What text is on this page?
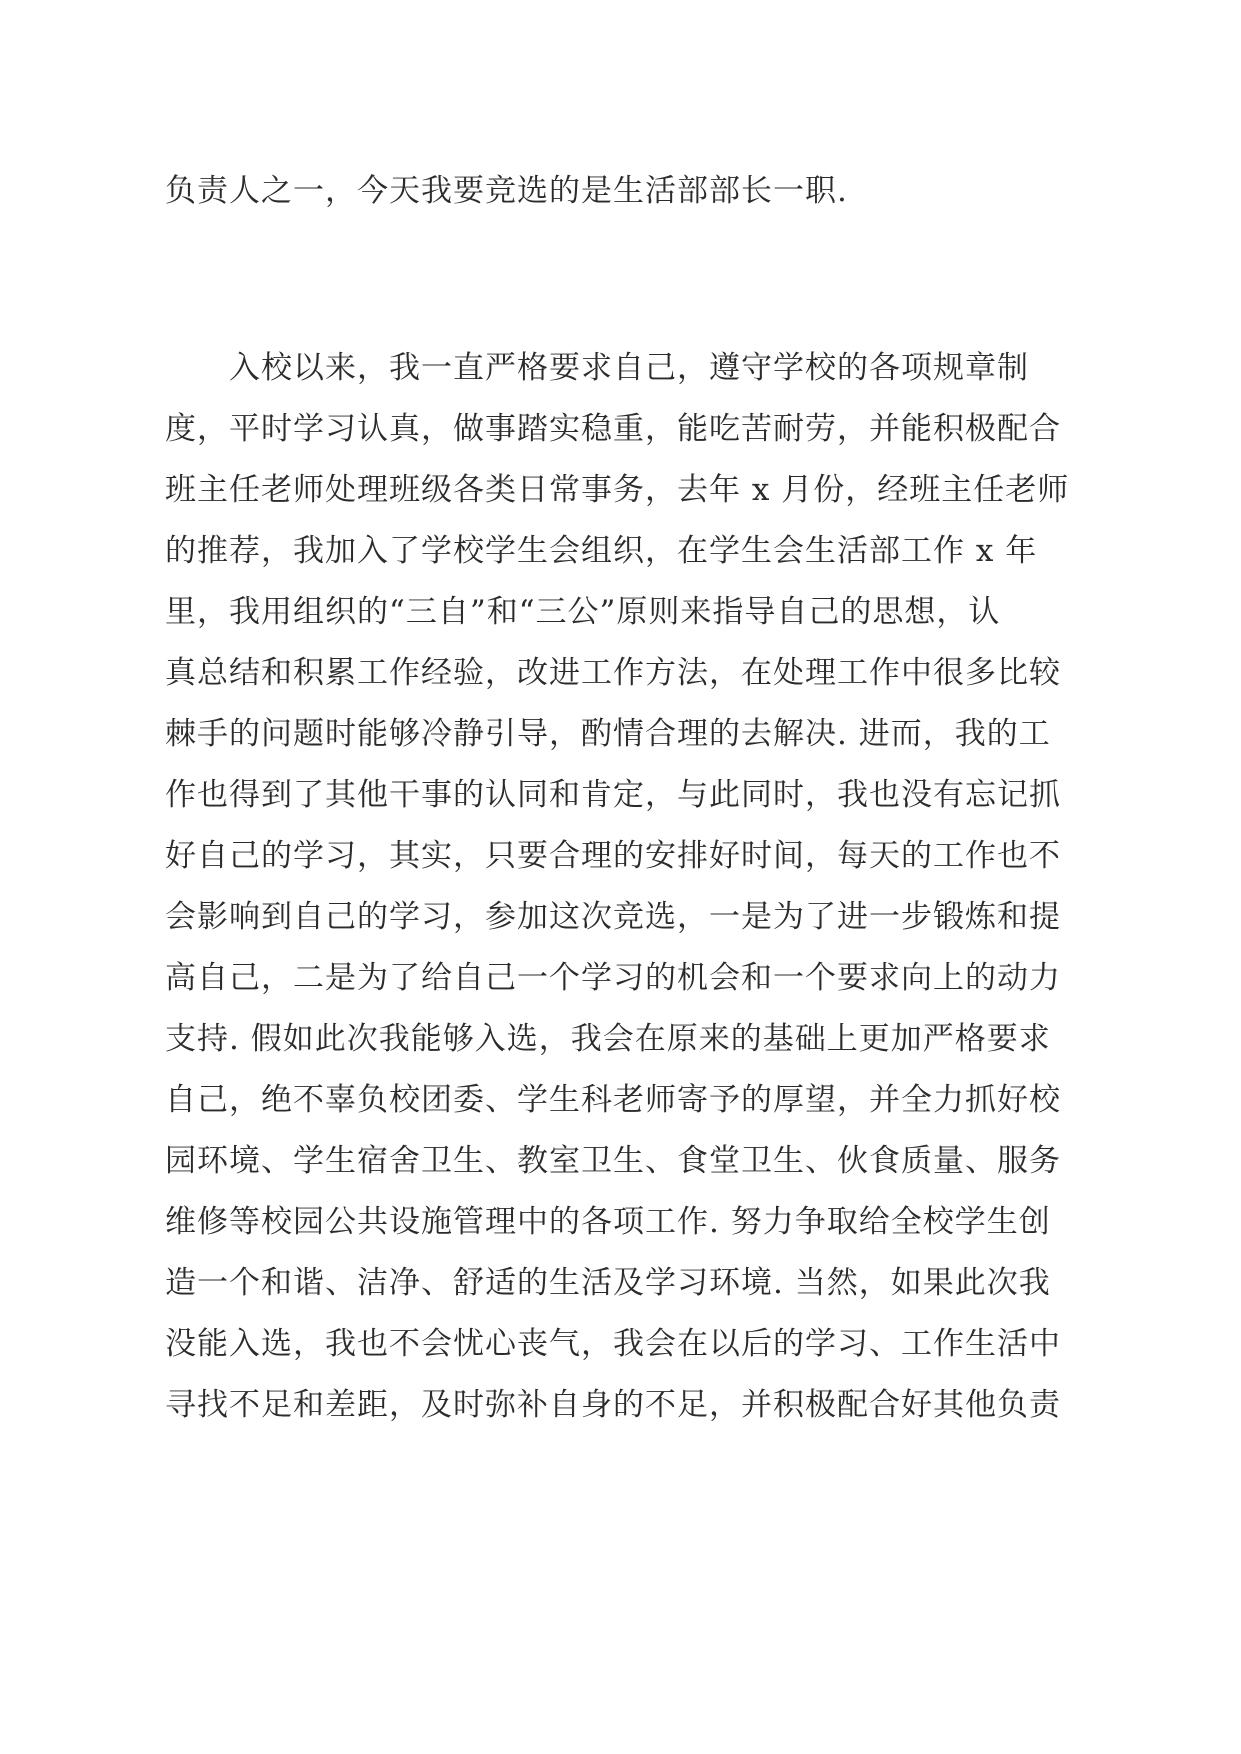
负责人之一，今天我要竞选的是生活部部长一职.
入校以来，我一直严格要求自己，遵守学校的各项规章制
度，平时学习认真，做事踏实稳重，能吃苦耐劳，并能积极配合
班主任老师处理班级各类日常事务，去年 x 月份，经班主任老师
的推荐，我加入了学校学生会组织，在学生会生活部工作 x 年
里，我用组织的“三自”和“三公”原则来指导自己的思想，认
真总结和积累工作经验，改进工作方法，在处理工作中很多比较
棘手的问题时能够冷静引导，酌情合理的去解决. 进而，我的工
作也得到了其他干事的认同和肯定，与此同时，我也没有忘记抓
好自己的学习，其实，只要合理的安排好时间，每天的工作也不
会影响到自己的学习，参加这次竞选，一是为了进一步锻炼和提
高自己，二是为了给自己一个学习的机会和一个要求向上的动力
支持. 假如此次我能够入选，我会在原来的基础上更加严格要求
自己，绝不辜负校团委、学生科老师寄予的厚望，并全力抓好校
园环境、学生宿舍卫生、教室卫生、食堂卫生、伙食质量、服务
维修等校园公共设施管理中的各项工作. 努力争取给全校学生创
造一个和谐、洁净、舒适的生活及学习环境. 当然，如果此次我
没能入选，我也不会忧心丧气，我会在以后的学习、工作生活中
寻找不足和差距，及时弥补自身的不足，并积极配合好其他负责
